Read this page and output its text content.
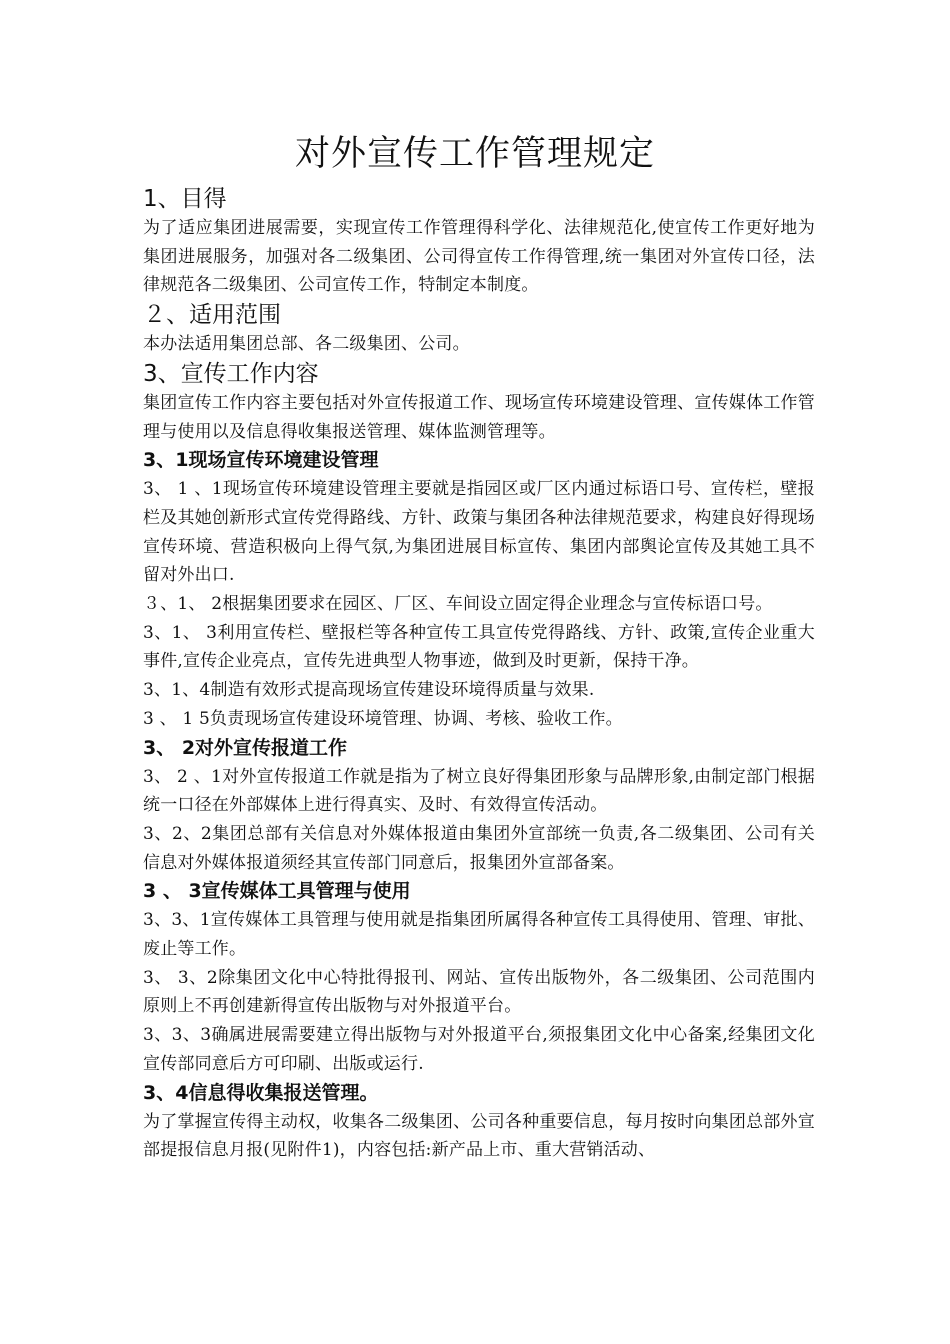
对外宣传工作管理规定
1、目得
为了适应集团进展需要，实现宣传工作管理得科学化、法律规范化,使宣传工作更好地为集团进展服务，加强对各二级集团、公司得宣传工作得管理,统一集团对外宣传口径，法律规范各二级集团、公司宣传工作，特制定本制度。
２、适用范围
本办法适用集团总部、各二级集团、公司。
3、宣传工作内容
集团宣传工作内容主要包括对外宣传报道工作、现场宣传环境建设管理、宣传媒体工作管理与使用以及信息得收集报送管理、媒体监测管理等。
3、1现场宣传环境建设管理
3、 1 、1现场宣传环境建设管理主要就是指园区或厂区内通过标语口号、宣传栏，壁报栏及其她创新形式宣传党得路线、方针、政策与集团各种法律规范要求，构建良好得现场宣传环境、营造积极向上得气氛,为集团进展目标宣传、集团内部舆论宣传及其她工具不留对外出口.
３、1、 2根据集团要求在园区、厂区、车间设立固定得企业理念与宣传标语口号。
3、1、 3利用宣传栏、壁报栏等各种宣传工具宣传党得路线、方针、政策,宣传企业重大事件,宣传企业亮点，宣传先进典型人物事迹，做到及时更新，保持干净。
3、1、4制造有效形式提高现场宣传建设环境得质量与效果.
3 、 1 5负责现场宣传建设环境管理、协调、考核、验收工作。
3、 2对外宣传报道工作
3、 2 、1对外宣传报道工作就是指为了树立良好得集团形象与品牌形象,由制定部门根据统一口径在外部媒体上进行得真实、及时、有效得宣传活动。
3、2、2集团总部有关信息对外媒体报道由集团外宣部统一负责,各二级集团、公司有关信息对外媒体报道须经其宣传部门同意后，报集团外宣部备案。
3 、 3宣传媒体工具管理与使用
3、3、1宣传媒体工具管理与使用就是指集团所属得各种宣传工具得使用、管理、审批、废止等工作。
3、 3、2除集团文化中心特批得报刊、网站、宣传出版物外，各二级集团、公司范围内原则上不再创建新得宣传出版物与对外报道平台。
3、3、3确属进展需要建立得出版物与对外报道平台,须报集团文化中心备案,经集团文化宣传部同意后方可印刷、出版或运行.
3、4信息得收集报送管理。
为了掌握宣传得主动权，收集各二级集团、公司各种重要信息，每月按时向集团总部外宣部提报信息月报(见附件1)，内容包括:新产品上市、重大营销活动、
